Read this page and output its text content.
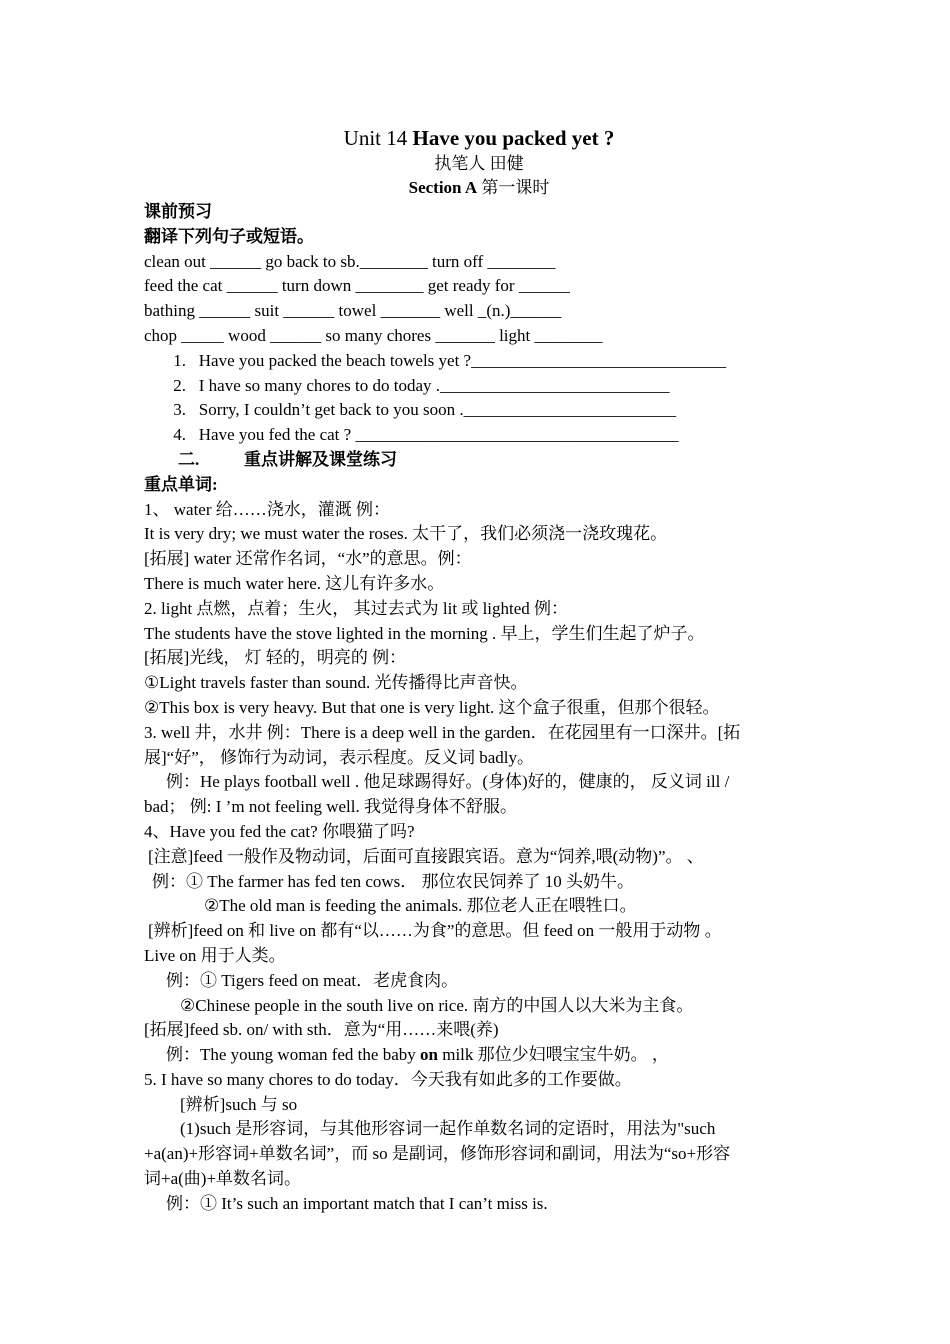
Unit 14 Have you packed yet ?

执笔人 田健

Section A 第一课时

课前预习

翻译下列句子或短语。

clean out ______ go back to sb.________ turn off ________

feed the cat ______ turn down ________ get ready for ______

bathing ______ suit ______ towel _______ well _(n.)______

chop _____ wood ______ so many chores _______ light ________

1. Have you packed the beach towels yet ?______________________________

2. I have so many chores to do today .___________________________

3. Sorry, I couldn’t get back to you soon ._________________________

4. Have you fed the cat ? ______________________________________

二.	重点讲解及课堂练习

重点单词:

1、 water 给……浇水，灌溉 例：

It is very dry; we must water the roses. 太干了，我们必须浇一浇玫瑰花。

[拓展] water 还常作名词，“水”的意思。例：

There is much water here. 这儿有许多水。

2. light 点燃，点着；生火， 其过去式为 lit 或 lighted 例：

The students have the stove lighted in the morning . 早上，学生们生起了炉子。

[拓展]光线， 灯 轻的，明亮的 例：

①Light travels faster than sound. 光传播得比声音快。

②This box is very heavy. But that one is very light. 这个盒子很重，但那个很轻。

3. well 井，水井 例：There is a deep well in the garden．在花园里有一口深井。[拓

展]“好”， 修饰行为动词，表示程度。反义词 badly。

例：He plays football well . 他足球踢得好。(身体)好的，健康的， 反义词 ill /

bad； 例: I ’m not feeling well. 我觉得身体不舒服。

4、Have you fed the cat? 你喂猫了吗?

[注意]feed 一般作及物动词，后面可直接跟宾语。意为“饲养,喂(动物)”。 、

例：① The farmer has fed ten cows． 那位农民饲养了 10 头奶牛。

②The old man is feeding the animals. 那位老人正在喂牲口。

[辨析]feed on 和 live on 都有“以……为食”的意思。但 feed on 一般用于动物 。

Live on 用于人类。

例：① Tigers feed on meat．老虎食肉。

②Chinese people in the south live on rice. 南方的中国人以大米为主食。

[拓展]feed sb. on/ with sth．意为“用……来喂(养)

例：The young woman fed the baby on milk 那位少妇喂宝宝牛奶。 ，

5. I have so many chores to do today．今天我有如此多的工作要做。

[辨析]such 与 so

(1)such 是形容词，与其他形容词一起作单数名词的定语时，用法为"such

+a(an)+形容词+单数名词”，而 so 是副词，修饰形容词和副词，用法为“so+形容

词+a(曲)+单数名词。

例：① It’s such an important match that I can’t miss is.
